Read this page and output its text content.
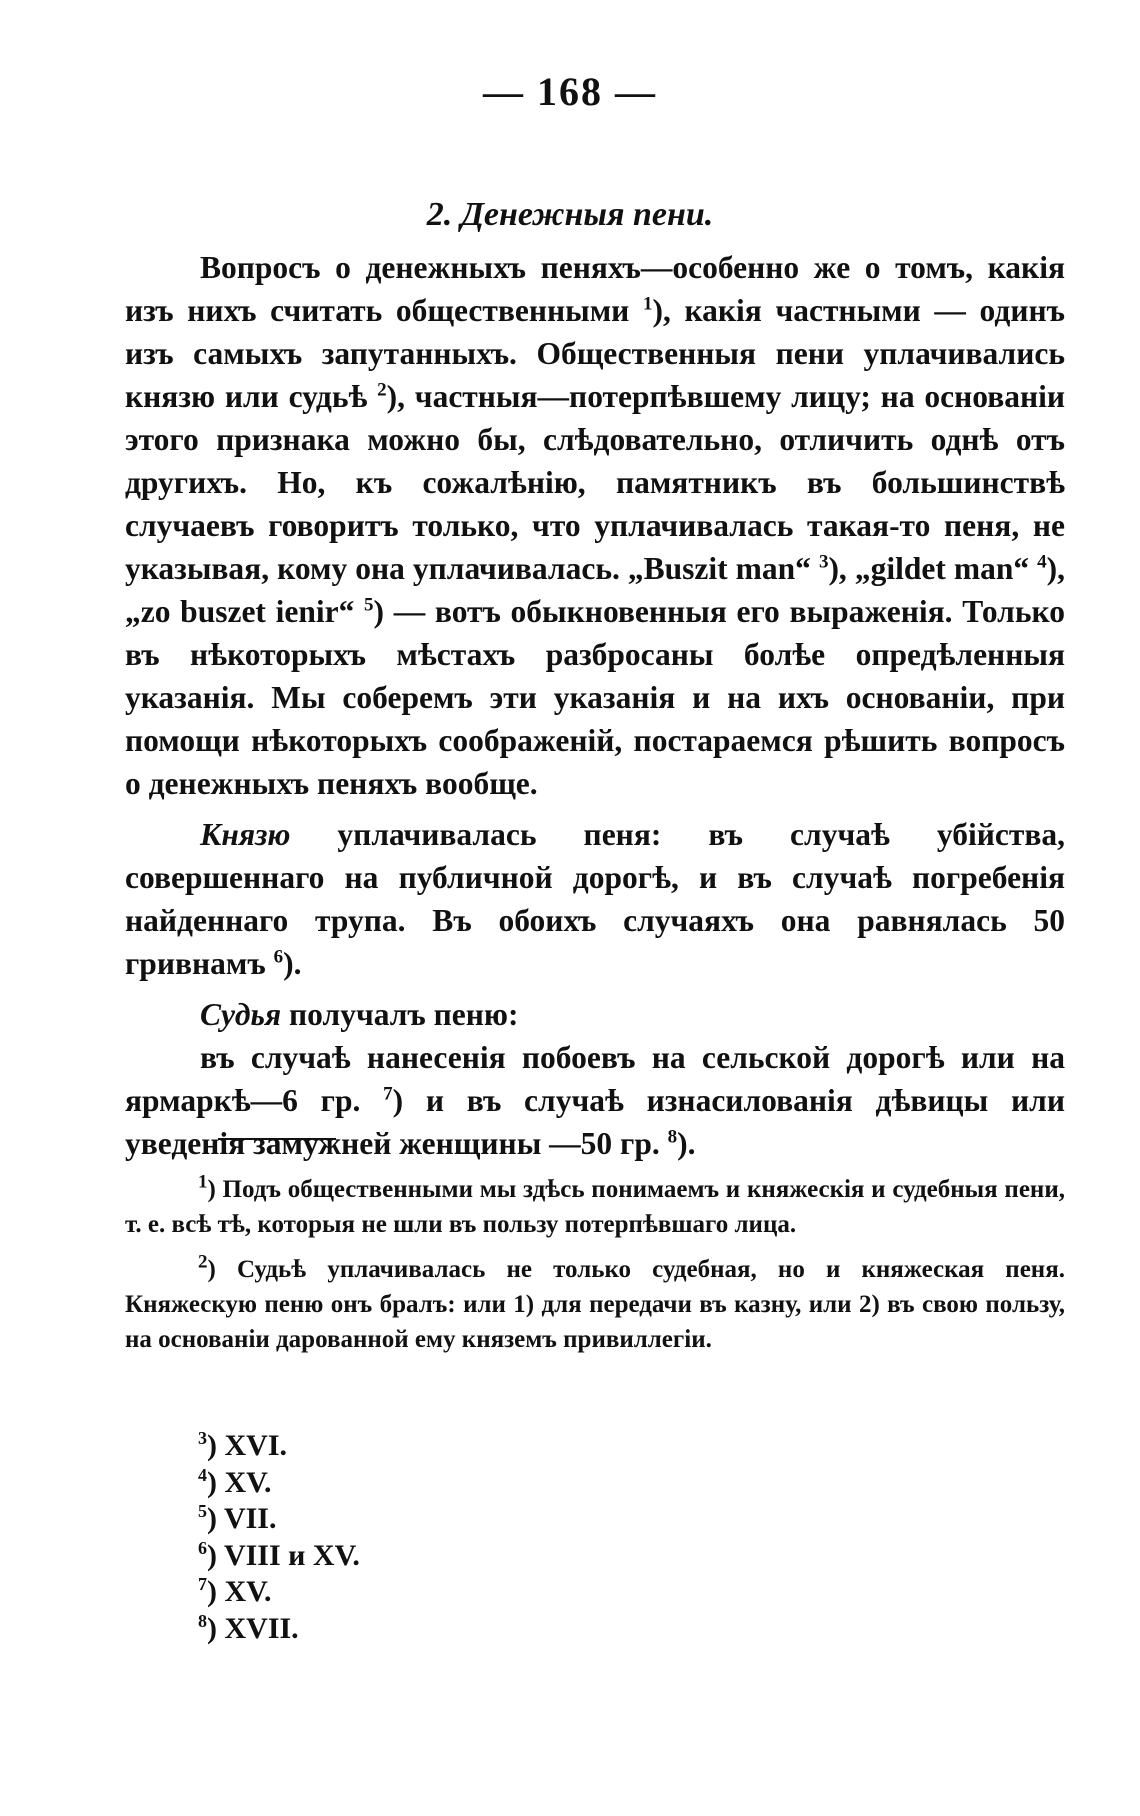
— 168 —
2. Денежныя пени.

Вопросъ о денежныхъ пеняхъ—особенно же о томъ, какія изъ нихъ считать общественными $^1$), какія частными — одинъ изъ самыхъ запутанныхъ. Общественныя пени уплачивались князю или судьѣ $^2$), частныя—потерпѣвшему лицу; на основаніи этого признака можно бы, слѣдовательно, отличить однѣ отъ другихъ. Но, къ сожалѣнію, памятникъ въ большинствѣ случаевъ говоритъ только, что уплачивалась такая-то пеня, не указывая, кому она уплачивалась. „Buszit man“ $^3$), „gildet man“ $^4$), „zo buszet ienir“ $^5$) — вотъ обыкновенныя его выраженія. Только въ нѣкоторыхъ мѣстахъ разбросаны болѣе опредѣленныя указанія. Мы соберемъ эти указанія и на ихъ основаніи, при помощи нѣкоторыхъ соображеній, постараемся рѣшить вопросъ о денежныхъ пеняхъ вообще.

Князю уплачивалась пеня: въ случаѣ убійства, совершеннаго на публичной дорогѣ, и въ случаѣ погребенія найденнаго трупа. Въ обоихъ случаяхъ она равнялась 50 гривнамъ $^6$).

Судья получалъ пеню:

въ случаѣ нанесенія побоевъ на сельской дорогѣ или на ярмаркѣ—6 гр. $^7$) и въ случаѣ изнасилованія дѣвицы или уведенія замужней женщины —50 гр. $^8$).

$^1$) Подъ общественными мы здѣсь понимаемъ и княжескія и судебныя пени, т. е. всѣ тѣ, которыя не шли въ пользу потерпѣвшаго лица.

$^2$) Судьѣ уплачивалась не только судебная, но и княжеская пеня. Княжескую пеню онъ бралъ: или 1) для передачи въ казну, или 2) въ свою пользу, на основаніи дарованной ему княземъ привиллегіи.

$^3$) XVI.
$^4$) XV.
$^5$) VII.
$^6$) VIII и XV.
$^7$) XV.
$^8$) XVII.
